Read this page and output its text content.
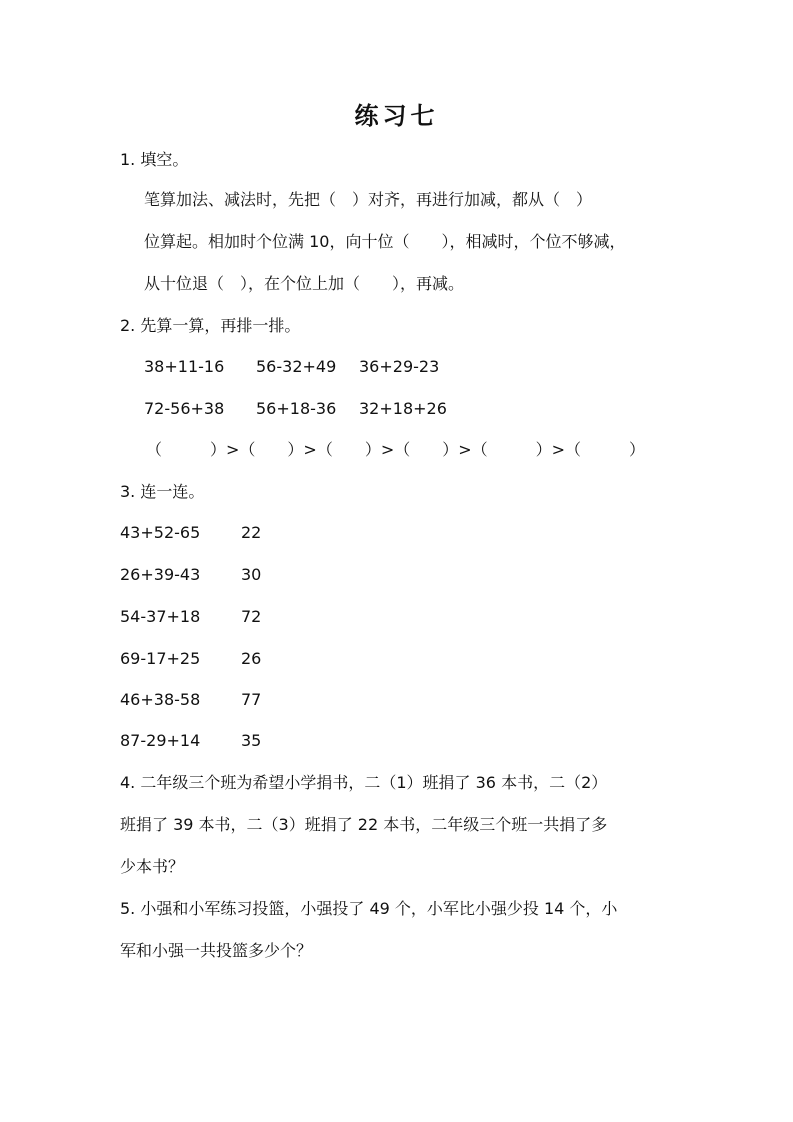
练习七
1. 填空。
笔算加法、减法时，先把（　）对齐，再进行加减，都从（　）
位算起。相加时个位满 10，向十位（　　），相减时，个位不够减，
从十位退（　），在个位上加（　　），再减。
2. 先算一算，再排一排。
38+11-16 56-32+49 36+29-23
72-56+38 56+18-36 32+18+26
（　　　）>（　　）>（　　）>（　　）>（　　　）>（　　　）
3. 连一连。
43+52-65	22
26+39-43	30
54-37+18	72
69-17+25	26
46+38-58	77
87-29+14	35
4. 二年级三个班为希望小学捐书，二（1）班捐了 36 本书，二（2）
班捐了 39 本书，二（3）班捐了 22 本书，二年级三个班一共捐了多
少本书？
5. 小强和小军练习投篮，小强投了 49 个，小军比小强少投 14 个，小
军和小强一共投篮多少个？
